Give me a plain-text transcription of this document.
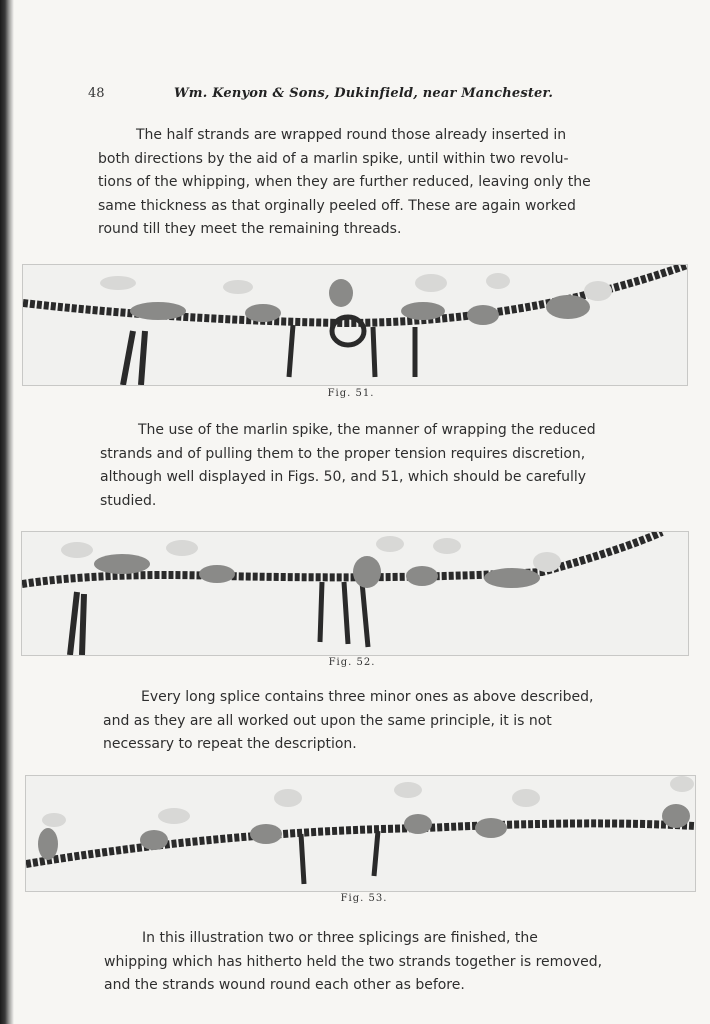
48	Wm. Kenyon & Sons, Dukinfield, near Manchester.

The half strands are wrapped round those already inserted in
both directions by the aid of a marlin spike, until within two revolu-
tions of the whipping, when they are further reduced, leaving only the
same thickness as that orginally peeled off. These are again worked
round till they meet the remaining threads.

Fig. 51.

The use of the marlin spike, the manner of wrapping the reduced
strands and of pulling them to the proper tension requires discretion,
although well displayed in Figs. 50, and 51, which should be carefully
studied.

Fig. 52.

Every long splice contains three minor ones as above described,
and as they are all worked out upon the same principle, it is not
necessary to repeat the description.

Fig. 53.

In this illustration two or three splicings are finished, the
whipping which has hitherto held the two strands together is removed,
and the strands wound round each other as before.
